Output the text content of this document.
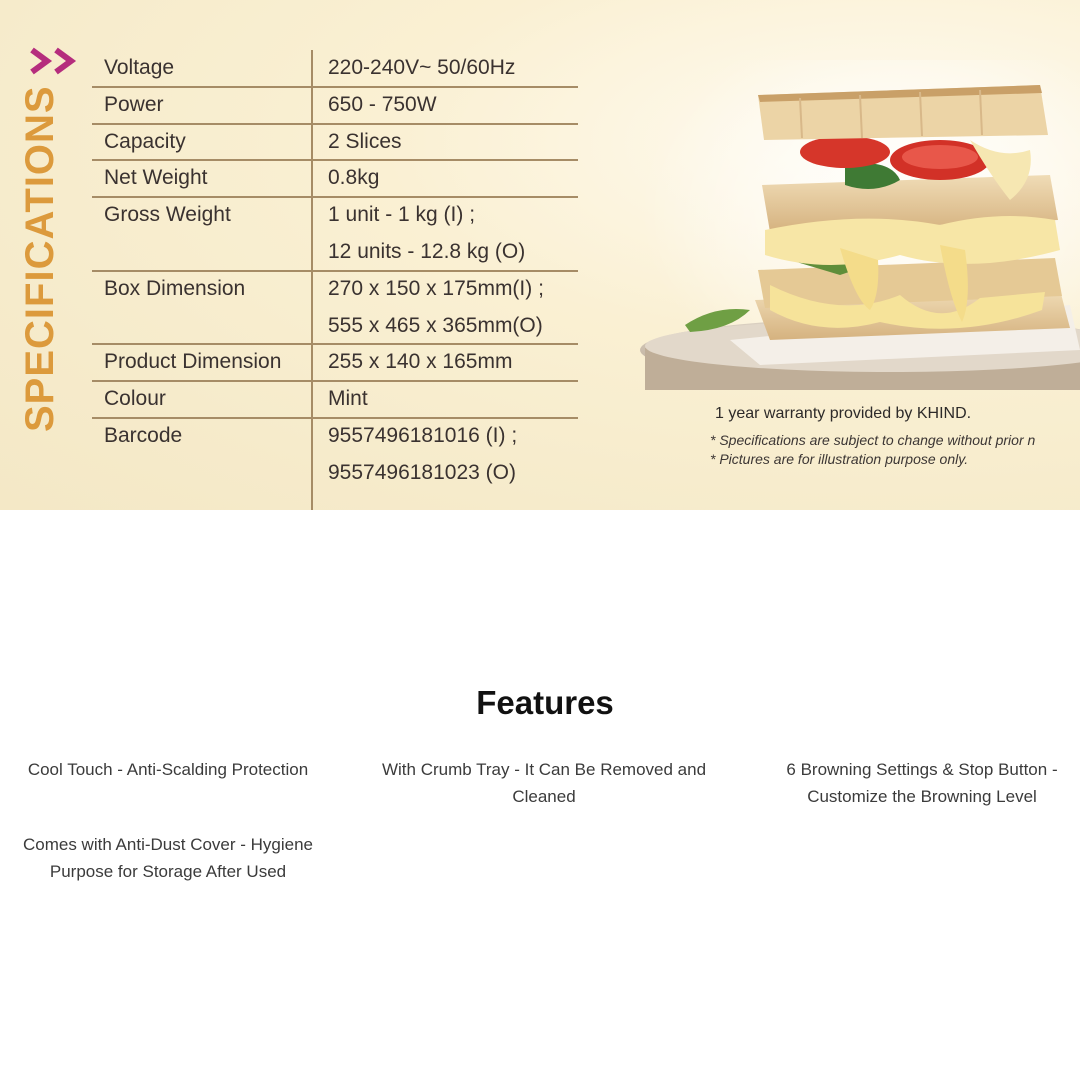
SPECIFICATIONS
Voltage	220-240V~ 50/60Hz
Power	650 - 750W
Capacity	2 Slices
Net Weight	0.8kg
Gross Weight	1 unit - 1 kg (I) ;
12 units - 12.8 kg (O)
Box Dimension	270 x 150 x 175mm(I) ;
555 x 465 x 365mm(O)
Product Dimension	255 x 140 x 165mm
Colour	Mint
Barcode	9557496181016 (I) ;
9557496181023 (O)
1 year warranty provided by KHIND.
* Specifications are subject to change without prior n
* Pictures are for illustration purpose only.
Features
Cool Touch - Anti-Scalding Protection	With Crumb Tray - It Can Be Removed and Cleaned
6 Browning Settings & Stop Button - Customize the Browning Level
Comes with Anti-Dust Cover - Hygiene Purpose for Storage After Used
